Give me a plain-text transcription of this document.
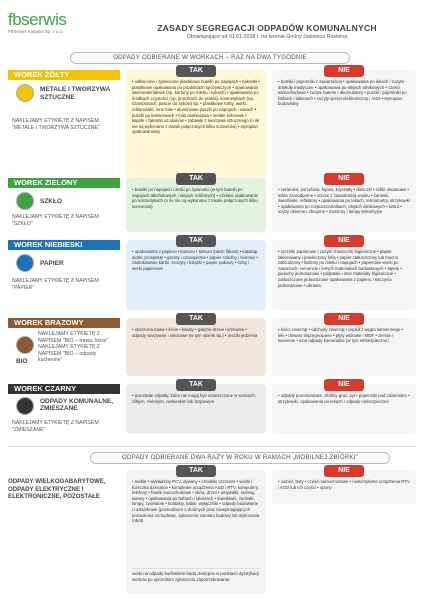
fbserwis
FBSerwis Karpatia Sp. z o.o.	ZASADY SEGREGACJI ODPADÓW KOMUNALNYCH
Obowiązujące od 01.01.2018 r. na terenie Gminy Jasienica Rosielna
ODPADY ODBIERANE W WORKACH – RAZ NA DWA TYGODNIE
WOREK ŻÓŁTY
METALE I TWORZYWA SZTUCZNE
NAKLEJAMY ETYKIETĘ Z NAPISEM "METALE I TWORZYWA SZTUCZNE"
TAK
• odkręcone i zgniecione plastikowe butelki po napojach • nakrętki • plastikowe opakowania po produktach spożywczych • opakowania wielomateriałowe (np. kartony po mleku i sokach) • opakowania po środkach czystości (np. proszkach do prania), kosmetykach (np. szamponach, paście do zębów) itp. • plastikowe torby, worki, reklamówki, inne folie • aluminiowe puszki po napojach i sokach • puszki po konserwach • folia aluminiowa • metale kolorowe • kapsle i zakrętki od słoików • zabawki z tworzywa sztucznego (o ile nie są wykonane z trwale połączonych kilku surowców) • styropian opakowaniowy
NIE
• butelki i pojemniki z zawartością • opakowania po lekach i zużyte artykuły medyczne • opakowania po olejach silnikowych • części samochodowe • zużyte baterie i akumulatory • puszki i pojemniki po farbach i lakierach • zużyty sprzęt elektroniczny i AGD • styropian budowlany
WOREK ZIELONY
SZKŁO
NAKLEJAMY ETYKIETĘ Z NAPISEM "SZKŁO"
TAK
• butelki po napojach i słoiki po żywności (w tym butelki po napojach alkoholowych i olejach roślinnych) • szklane opakowania po kosmetykach (o ile nie są wykonane z trwale połączonych kilku surowców)
NIE
• ceramika, porcelana, fajans, kryształy • doniczki • szkło okularowe • szkło żaroodporne • znicze z zawartością wosku • żarówki, świetlówki, reflektory • opakowania po lekach, termometry, strzykawki • opakowania po rozpuszczalnikach, olejach silnikowych • lustra • szyby okienne i zbrojone • monitory i lampy telewizyjne
WOREK NIEBIESKI
PAPIER
NAKLEJAMY ETYKIETĘ Z NAPISEM "PAPIER"
TAK
• opakowania z papieru • kartonu • tektura (także falista) • katalogi, ulotki, prospekty • gazety i czasopisma • papier szkolny i biurowy • zadrukowane kartki, zeszyty i książki • papier pakowy • torby i worki papierowe
NIE
• ręczniki papierowe i zużyte chusteczki higieniczne • papier lakierowany i powleczony folią • papier zatłuszczony lub mocno zabrudzony • kartony po mleku i napojach • papierowe worki po nawozach, cemencie i innych materiałach budowlanych • tapety • pieluchy jednorazowe • podpaski i inne materiały higieniczne • zatłuszczone jednorazowe opakowania z papieru i naczynia jednorazowe • ubrania
WOREK BRĄZOWY
BIO
NAKLEJAMY ETYKIETĘ Z NAPISEM "BIO – trawa, liście" NAKLEJAMY ETYKIETĘ Z NAPISEM "BIO – odpady kuchenne"
TAK
• skoszona trawa • liście • kwiaty • gałęzie drzew i krzewów • odpady warzywne i owocowe (w tym obierki itp.) • resztki jedzenia
NIE
• kości zwierząt • odchody zwierząt • popiół z węgla kamiennego • leki • drewno impregnowane • płyty wiórowe i MDF • ziemia i kamienie • inne odpady komunalne (w tym niebezpieczne)
WOREK CZARNY
ODPADY KOMUNALNE, ZMIESZANE
NAKLEJAMY ETYKIETĘ Z NAPISEM "ZMIESZANE"
TAK
• pozostałe odpady, które nie mogą być umieszczone w workach: żółtym, zielonym, niebieskim lub brązowym
NIE
• odpady poremontowe, drobny gruz, pył • pojemniki pod ciśnieniem • strzykawki, opakowania po lekach i odpady niebezpieczne
ODPADY ODBIERANE DWA RAZY W ROKU W RAMACH „MOBILNEJ ZBIÓRKI"
ODPADY WIELKOGABARYTOWE, ODPADY ELEKTRYCZNE I ELEKTRONICZNE, POZOSTAŁE
TAK
• meble • wykładziny PCV, dywany • chodniki szczurze • wózki i łóżeczka dziecięce • kompletne urządzenia AGD i RTV, komputery, telefony • fotelik samochodowe • okna, drzwi • umywalki, sedesy, wanny • opakowania po farbach i lakierach • świetlówki, żarówki, lampy, żyrandole • kontakty, kable, wyłączniki • odpady budowlane i rozbiórkowe (pochodzące z drobnych prac niewymagających pozwolenia na budowę, zgłoszenia zamiaru budowy lub wykonania robót)
worki na odpady budowlane będą dostępne w punktach dystrybucji worków po uprzednim zgłoszeniu zapotrzebowania
NIE
• odzież, buty • części samochodowe • niekompletne urządzenia RTV i AGD lub ich części • opony
